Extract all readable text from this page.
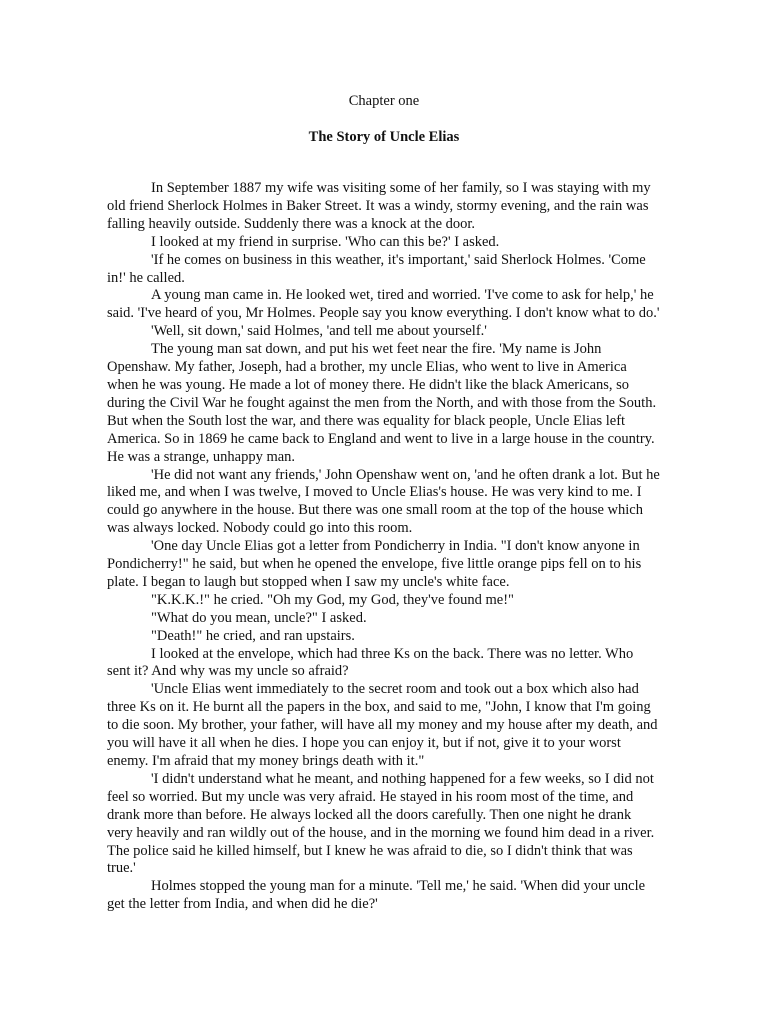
Chapter one
The Story of Uncle Elias

In September 1887 my wife was visiting some of her family, so I was staying with my old friend Sherlock Holmes in Baker Street. It was a windy, stormy evening, and the rain was falling heavily outside. Suddenly there was a knock at the door.

I looked at my friend in surprise. 'Who can this be?' I asked.

'If he comes on business in this weather, it's important,' said Sherlock Holmes. 'Come in!' he called.

A young man came in. He looked wet, tired and worried. 'I've come to ask for help,' he said. 'I've heard of you, Mr Holmes. People say you know everything. I don't know what to do.'

'Well, sit down,' said Holmes, 'and tell me about yourself.'

The young man sat down, and put his wet feet near the fire. 'My name is John Openshaw. My father, Joseph, had a brother, my uncle Elias, who went to live in America when he was young. He made a lot of money there. He didn't like the black Americans, so during the Civil War he fought against the men from the North, and with those from the South. But when the South lost the war, and there was equality for black people, Uncle Elias left America. So in 1869 he came back to England and went to live in a large house in the country. He was a strange, unhappy man.

'He did not want any friends,' John Openshaw went on, 'and he often drank a lot. But he liked me, and when I was twelve, I moved to Uncle Elias's house. He was very kind to me. I could go anywhere in the house. But there was one small room at the top of the house which was always locked. Nobody could go into this room.

'One day Uncle Elias got a letter from Pondicherry in India. "I don't know anyone in Pondicherry!" he said, but when he opened the envelope, five little orange pips fell on to his plate. I began to laugh but stopped when I saw my uncle's white face.

"K.K.K.!" he cried. "Oh my God, my God, they've found me!"

"What do you mean, uncle?" I asked.

"Death!" he cried, and ran upstairs.

I looked at the envelope, which had three Ks on the back. There was no letter. Who sent it? And why was my uncle so afraid?

'Uncle Elias went immediately to the secret room and took out a box which also had three Ks on it. He burnt all the papers in the box, and said to me, "John, I know that I'm going to die soon. My brother, your father, will have all my money and my house after my death, and you will have it all when he dies. I hope you can enjoy it, but if not, give it to your worst enemy. I'm afraid that my money brings death with it."

'I didn't understand what he meant, and nothing happened for a few weeks, so I did not feel so worried. But my uncle was very afraid. He stayed in his room most of the time, and drank more than before. He always locked all the doors carefully. Then one night he drank very heavily and ran wildly out of the house, and in the morning we found him dead in a river. The police said he killed himself, but I knew he was afraid to die, so I didn't think that was true.'

Holmes stopped the young man for a minute. 'Tell me,' he said. 'When did your uncle get the letter from India, and when did he die?'
